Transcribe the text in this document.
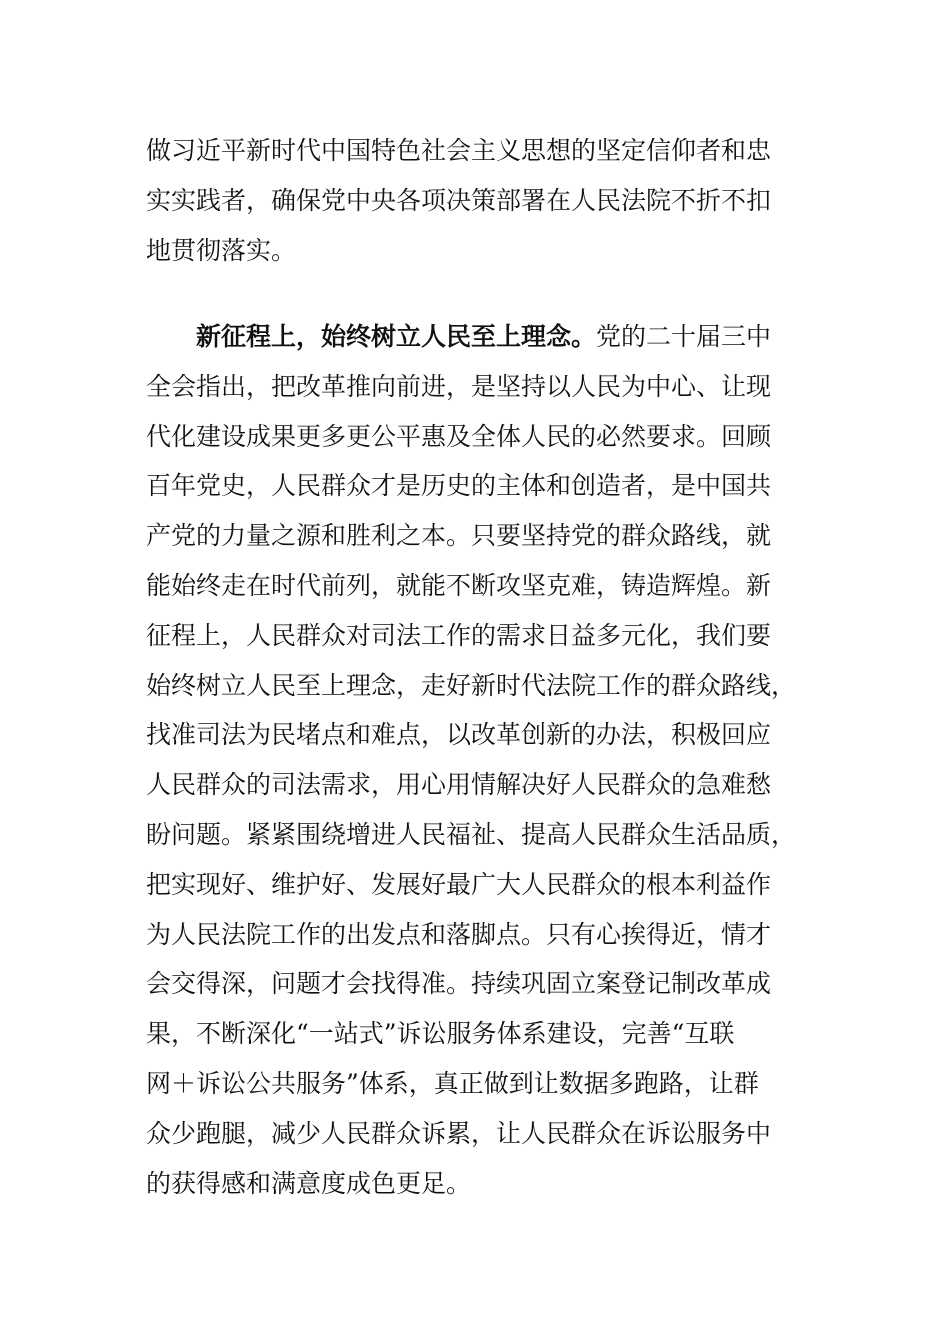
做习近平新时代中国特色社会主义思想的坚定信仰者和忠
实实践者，确保党中央各项决策部署在人民法院不折不扣
地贯彻落实。
新征程上，始终树立人民至上理念。党的二十届三中
全会指出，把改革推向前进，是坚持以人民为中心、让现
代化建设成果更多更公平惠及全体人民的必然要求。回顾
百年党史，人民群众才是历史的主体和创造者，是中国共
产党的力量之源和胜利之本。只要坚持党的群众路线，就
能始终走在时代前列，就能不断攻坚克难，铸造辉煌。新
征程上，人民群众对司法工作的需求日益多元化，我们要
始终树立人民至上理念，走好新时代法院工作的群众路线，
找准司法为民堵点和难点，以改革创新的办法，积极回应
人民群众的司法需求，用心用情解决好人民群众的急难愁
盼问题。紧紧围绕增进人民福祉、提高人民群众生活品质，
把实现好、维护好、发展好最广大人民群众的根本利益作
为人民法院工作的出发点和落脚点。只有心挨得近，情才
会交得深，问题才会找得准。持续巩固立案登记制改革成
果，不断深化“一站式”诉讼服务体系建设，完善“互联
网＋诉讼公共服务”体系，真正做到让数据多跑路，让群
众少跑腿，减少人民群众诉累，让人民群众在诉讼服务中
的获得感和满意度成色更足。
